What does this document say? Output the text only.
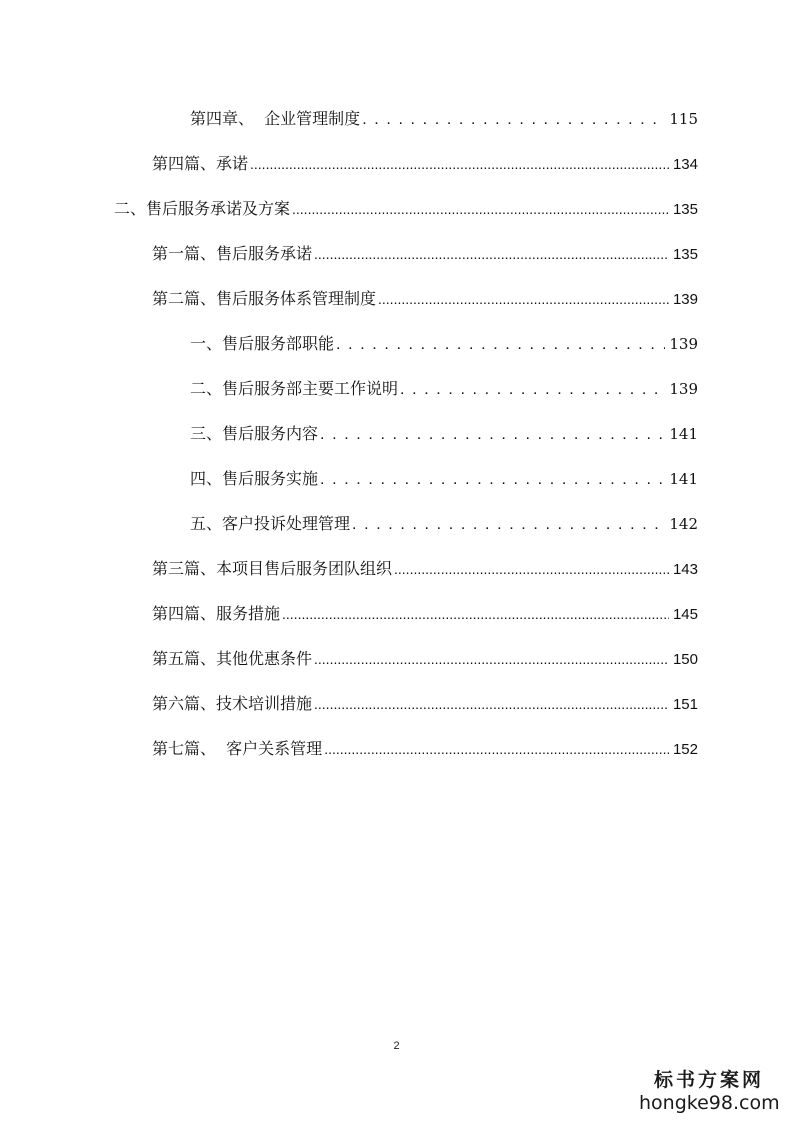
第四章、  企业管理制度 . . .	115
第四篇、承诺 .....	134
二、售后服务承诺及方案 .....	135
第一篇、售后服务承诺 .....	135
第二篇、售后服务体系管理制度 .....	139
一、售后服务部职能 . . .	139
二、售后服务部主要工作说明 . . .	139
三、售后服务内容 . . .	141
四、售后服务实施 . . .	141
五、客户投诉处理管理 . . .	142
第三篇、本项目售后服务团队组织 .....	143
第四篇、服务措施 .....	145
第五篇、其他优惠条件 .....	150
第六篇、技术培训措施 .....	151
第七篇、  客户关系管理 .....	152
2
标书方案网
hongke98.com
